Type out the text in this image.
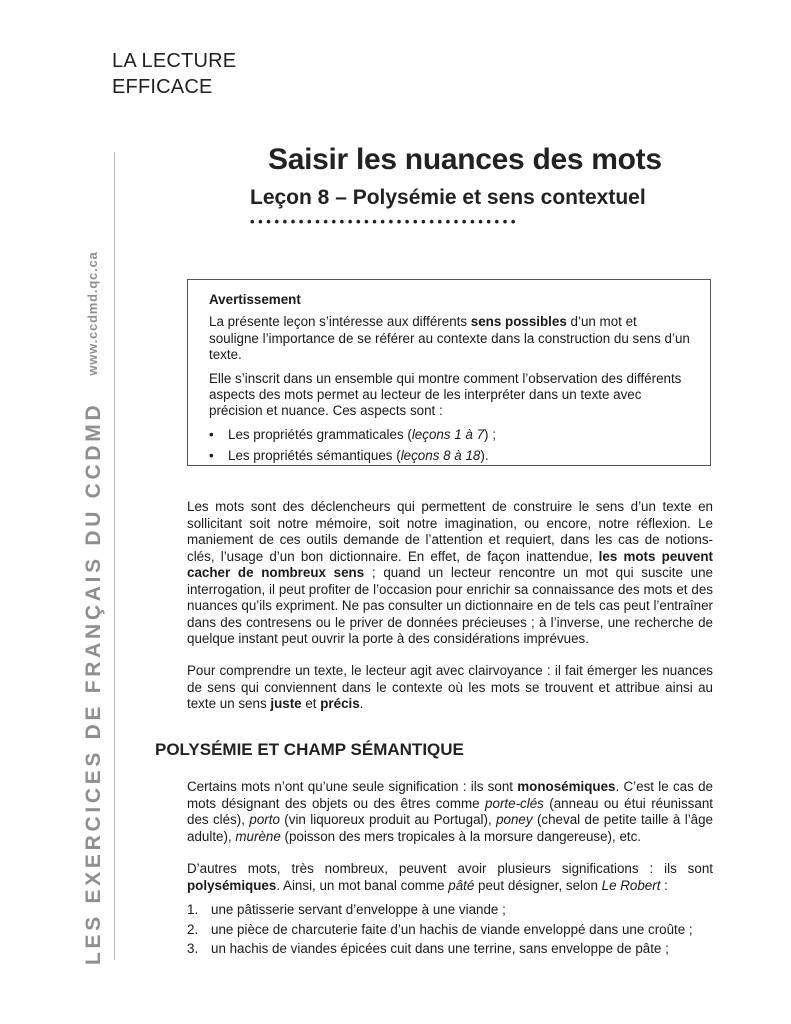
LA LECTURE
EFFICACE
LES EXERCICES DE FRANÇAIS DU CCDMDwww.ccdmd.qc.ca
Saisir les nuances des mots
Leçon 8 – Polysémie et sens contextuel
•••••••••••••••••••••••••••••••••
Avertissement

La présente leçon s’intéresse aux différents sens possibles d’un mot et souligne l’importance de se référer au contexte dans la construction du sens d’un texte.

Elle s’inscrit dans un ensemble qui montre comment l’observation des différents aspects des mots permet au lecteur de les interpréter dans un texte avec précision et nuance. Ces aspects sont :

• Les propriétés grammaticales (leçons 1 à 7) ;
• Les propriétés sémantiques (leçons 8 à 18).

Les mots sont des déclencheurs qui permettent de construire le sens d’un texte en sollicitant soit notre mémoire, soit notre imagination, ou encore, notre réflexion. Le maniement de ces outils demande de l’attention et requiert, dans les cas de notions-clés, l’usage d’un bon dictionnaire. En effet, de façon inattendue, les mots peuvent cacher de nombreux sens ; quand un lecteur rencontre un mot qui suscite une interrogation, il peut profiter de l’occasion pour enrichir sa connaissance des mots et des nuances qu’ils expriment. Ne pas consulter un dictionnaire en de tels cas peut l’entraîner dans des contresens ou le priver de données précieuses ; à l’inverse, une recherche de quelque instant peut ouvrir la porte à des considérations imprévues.

Pour comprendre un texte, le lecteur agit avec clairvoyance : il fait émerger les nuances de sens qui conviennent dans le contexte où les mots se trouvent et attribue ainsi au texte un sens juste et précis.

POLYSÉMIE ET CHAMP SÉMANTIQUE

Certains mots n’ont qu’une seule signification : ils sont monosémiques. C’est le cas de mots désignant des objets ou des êtres comme porte-clés (anneau ou étui réunissant des clés), porto (vin liquoreux produit au Portugal), poney (cheval de petite taille à l’âge adulte), murène (poisson des mers tropicales à la morsure dangereuse), etc.

D’autres mots, très nombreux, peuvent avoir plusieurs significations : ils sont polysémiques. Ainsi, un mot banal comme pâté peut désigner, selon Le Robert :

1. une pâtisserie servant d’enveloppe à une viande ;
2. une pièce de charcuterie faite d’un hachis de viande enveloppé dans une croûte ;
3. un hachis de viandes épicées cuit dans une terrine, sans enveloppe de pâte ;
